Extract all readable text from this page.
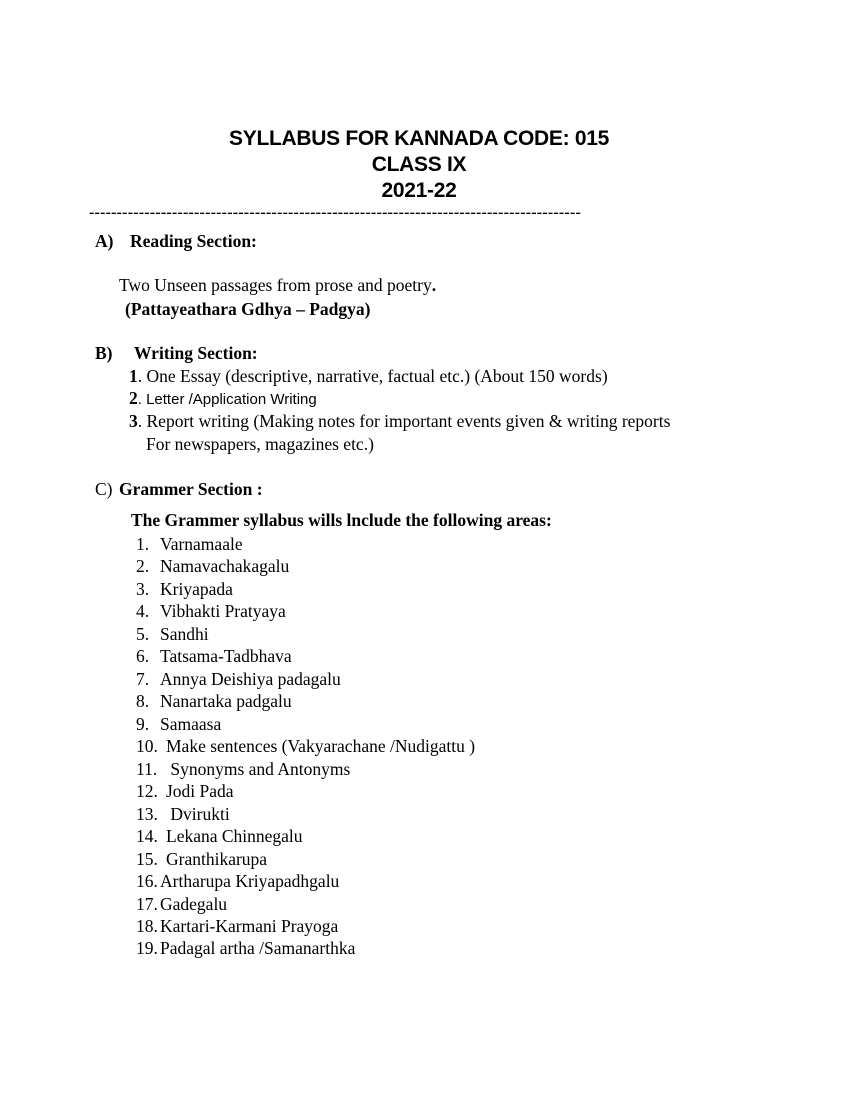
SYLLABUS FOR KANNADA CODE: 015
CLASS IX
2021-22
-----------------------------------------------------------------------------------------
A) Reading Section:
Two Unseen passages from prose and poetry.
(Pattayeathara Gdhya – Padgya)
B) Writing Section:
1. One Essay (descriptive, narrative, factual etc.) (About 150 words)
2. Letter /Application Writing
3. Report writing (Making notes for important events given & writing reports
For newspapers, magazines etc.)
C) Grammer Section :
The Grammer syllabus wills lnclude the following areas:
1. Varnamaale
2. Namavachakagalu
3. Kriyapada
4. Vibhakti Pratyaya
5. Sandhi
6. Tatsama-Tadbhava
7. Annya Deishiya padagalu
8. Nanartaka padgalu
9. Samaasa
10. Make sentences (Vakyarachane /Nudigattu )
11. Synonyms and Antonyms
12. Jodi Pada
13. Dvirukti
14. Lekana Chinnegalu
15. Granthikarupa
16. Artharupa Kriyapadhgalu
17. Gadegalu
18. Kartari-Karmani Prayoga
19. Padagal artha /Samanarthka
